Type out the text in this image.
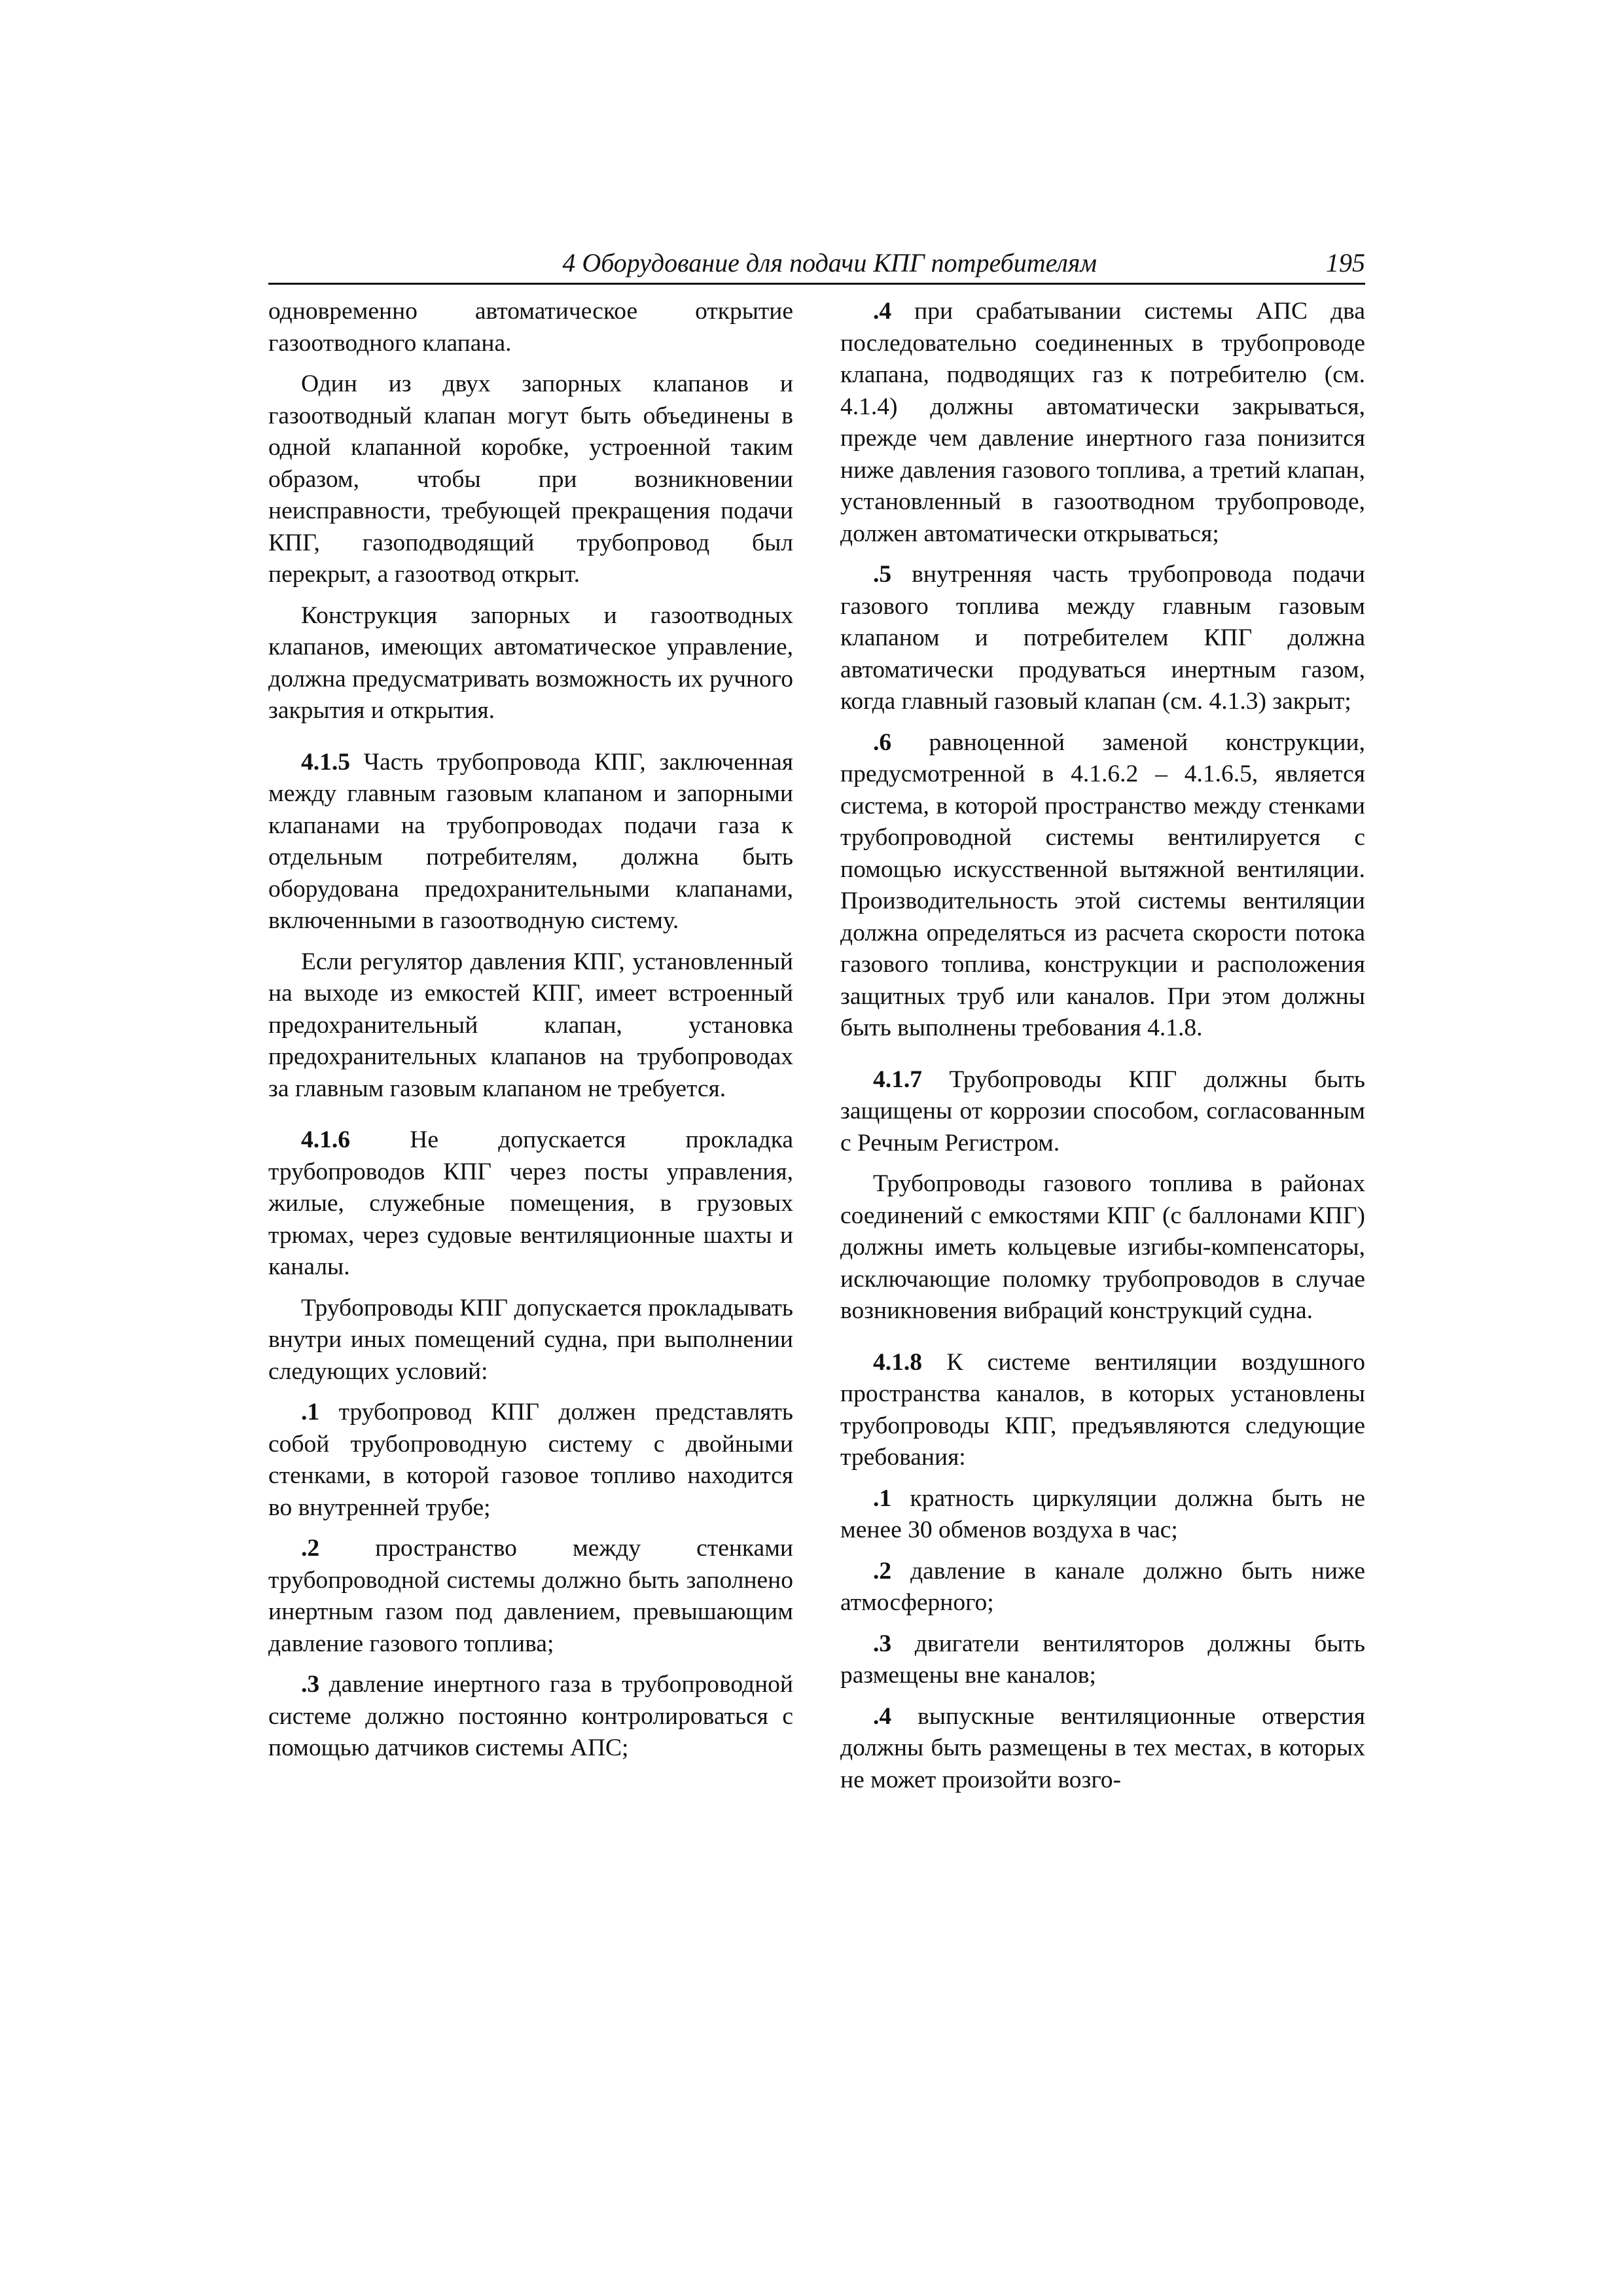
4 Оборудование для подачи КПГ потребителям	195

одновременно автоматическое открытие газоотводного клапана.

Один из двух запорных клапанов и газоотводный клапан могут быть объединены в одной клапанной коробке, устроенной таким образом, чтобы при возникновении неисправности, требующей прекращения подачи КПГ, газоподводящий трубопровод был перекрыт, а газоотвод открыт.

Конструкция запорных и газоотводных клапанов, имеющих автоматическое управление, должна предусматривать возможность их ручного закрытия и открытия.

4.1.5 Часть трубопровода КПГ, заключенная между главным газовым клапаном и запорными клапанами на трубопроводах подачи газа к отдельным потребителям, должна быть оборудована предохранительными клапанами, включенными в газоотводную систему.

Если регулятор давления КПГ, установленный на выходе из емкостей КПГ, имеет встроенный предохранительный клапан, установка предохранительных клапанов на трубопроводах за главным газовым клапаном не требуется.

4.1.6 Не допускается прокладка трубопроводов КПГ через посты управления, жилые, служебные помещения, в грузовых трюмах, через судовые вентиляционные шахты и каналы.

Трубопроводы КПГ допускается прокладывать внутри иных помещений судна, при выполнении следующих условий:

.1 трубопровод КПГ должен представлять собой трубопроводную систему с двойными стенками, в которой газовое топливо находится во внутренней трубе;

.2 пространство между стенками трубопроводной системы должно быть заполнено инертным газом под давлением, превышающим давление газового топлива;

.3 давление инертного газа в трубопроводной системе должно постоянно контролироваться с помощью датчиков системы АПС;

.4 при срабатывании системы АПС два последовательно соединенных в трубопроводе клапана, подводящих газ к потребителю (см. 4.1.4) должны автоматически закрываться, прежде чем давление инертного газа понизится ниже давления газового топлива, а третий клапан, установленный в газоотводном трубопроводе, должен автоматически открываться;

.5 внутренняя часть трубопровода подачи газового топлива между главным газовым клапаном и потребителем КПГ должна автоматически продуваться инертным газом, когда главный газовый клапан (см. 4.1.3) закрыт;

.6 равноценной заменой конструкции, предусмотренной в 4.1.6.2 – 4.1.6.5, является система, в которой пространство между стенками трубопроводной системы вентилируется с помощью искусственной вытяжной вентиляции. Производительность этой системы вентиляции должна определяться из расчета скорости потока газового топлива, конструкции и расположения защитных труб или каналов. При этом должны быть выполнены требования 4.1.8.

4.1.7 Трубопроводы КПГ должны быть защищены от коррозии способом, согласованным с Речным Регистром.

Трубопроводы газового топлива в районах соединений с емкостями КПГ (с баллонами КПГ) должны иметь кольцевые изгибы-компенсаторы, исключающие поломку трубопроводов в случае возникновения вибраций конструкций судна.

4.1.8 К системе вентиляции воздушного пространства каналов, в которых установлены трубопроводы КПГ, предъявляются следующие требования:

.1 кратность циркуляции должна быть не менее 30 обменов воздуха в час;

.2 давление в канале должно быть ниже атмосферного;

.3 двигатели вентиляторов должны быть размещены вне каналов;

.4 выпускные вентиляционные отверстия должны быть размещены в тех местах, в которых не может произойти возго-
